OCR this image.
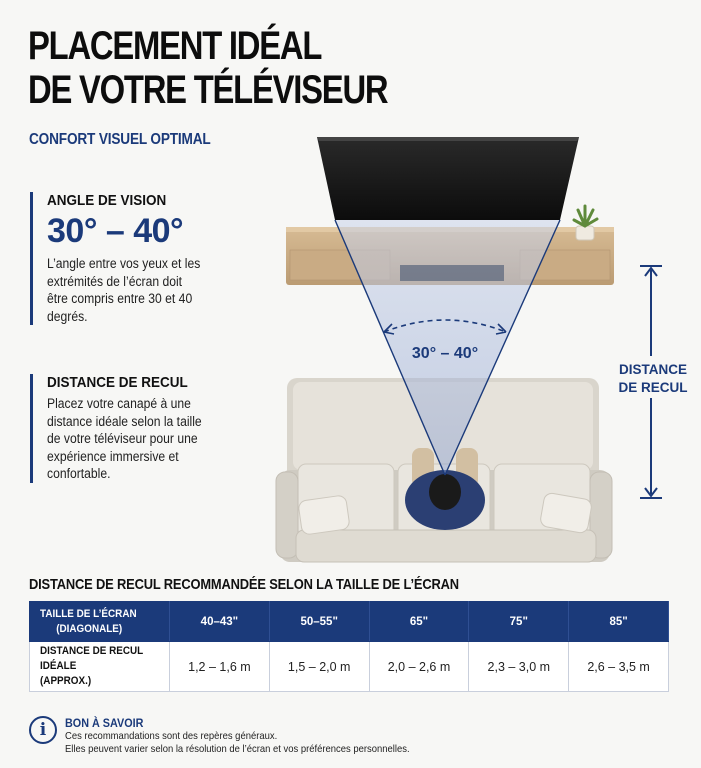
PLACEMENT IDÉAL
DE VOTRE TÉLÉVISEUR
CONFORT VISUEL OPTIMAL
ANGLE DE VISION
30° – 40°

L’angle entre vos yeux et les extrémités de l’écran doit être compris entre 30 et 40 degrés.

DISTANCE DE RECUL

Placez votre canapé à une distance idéale selon la taille de votre téléviseur pour une expérience immersive et confortable.

30° – 40°
DISTANCE
DE RECUL
DISTANCE DE RECUL RECOMMANDÉE SELON LA TAILLE DE L’ÉCRAN
TAILLE DE L’ÉCRAN
(DIAGONALE)	40–43"	50–55"	65"	75"	85"
DISTANCE DE RECUL IDÉALE
(APPROX.)	1,2 – 1,6 m	1,5 – 2,0 m	2,0 – 2,6 m	2,3 – 3,0 m	2,6 – 3,5 m
i	BON À SAVOIR
Ces recommandations sont des repères généraux.
Elles peuvent varier selon la résolution de l’écran et vos préférences personnelles.
